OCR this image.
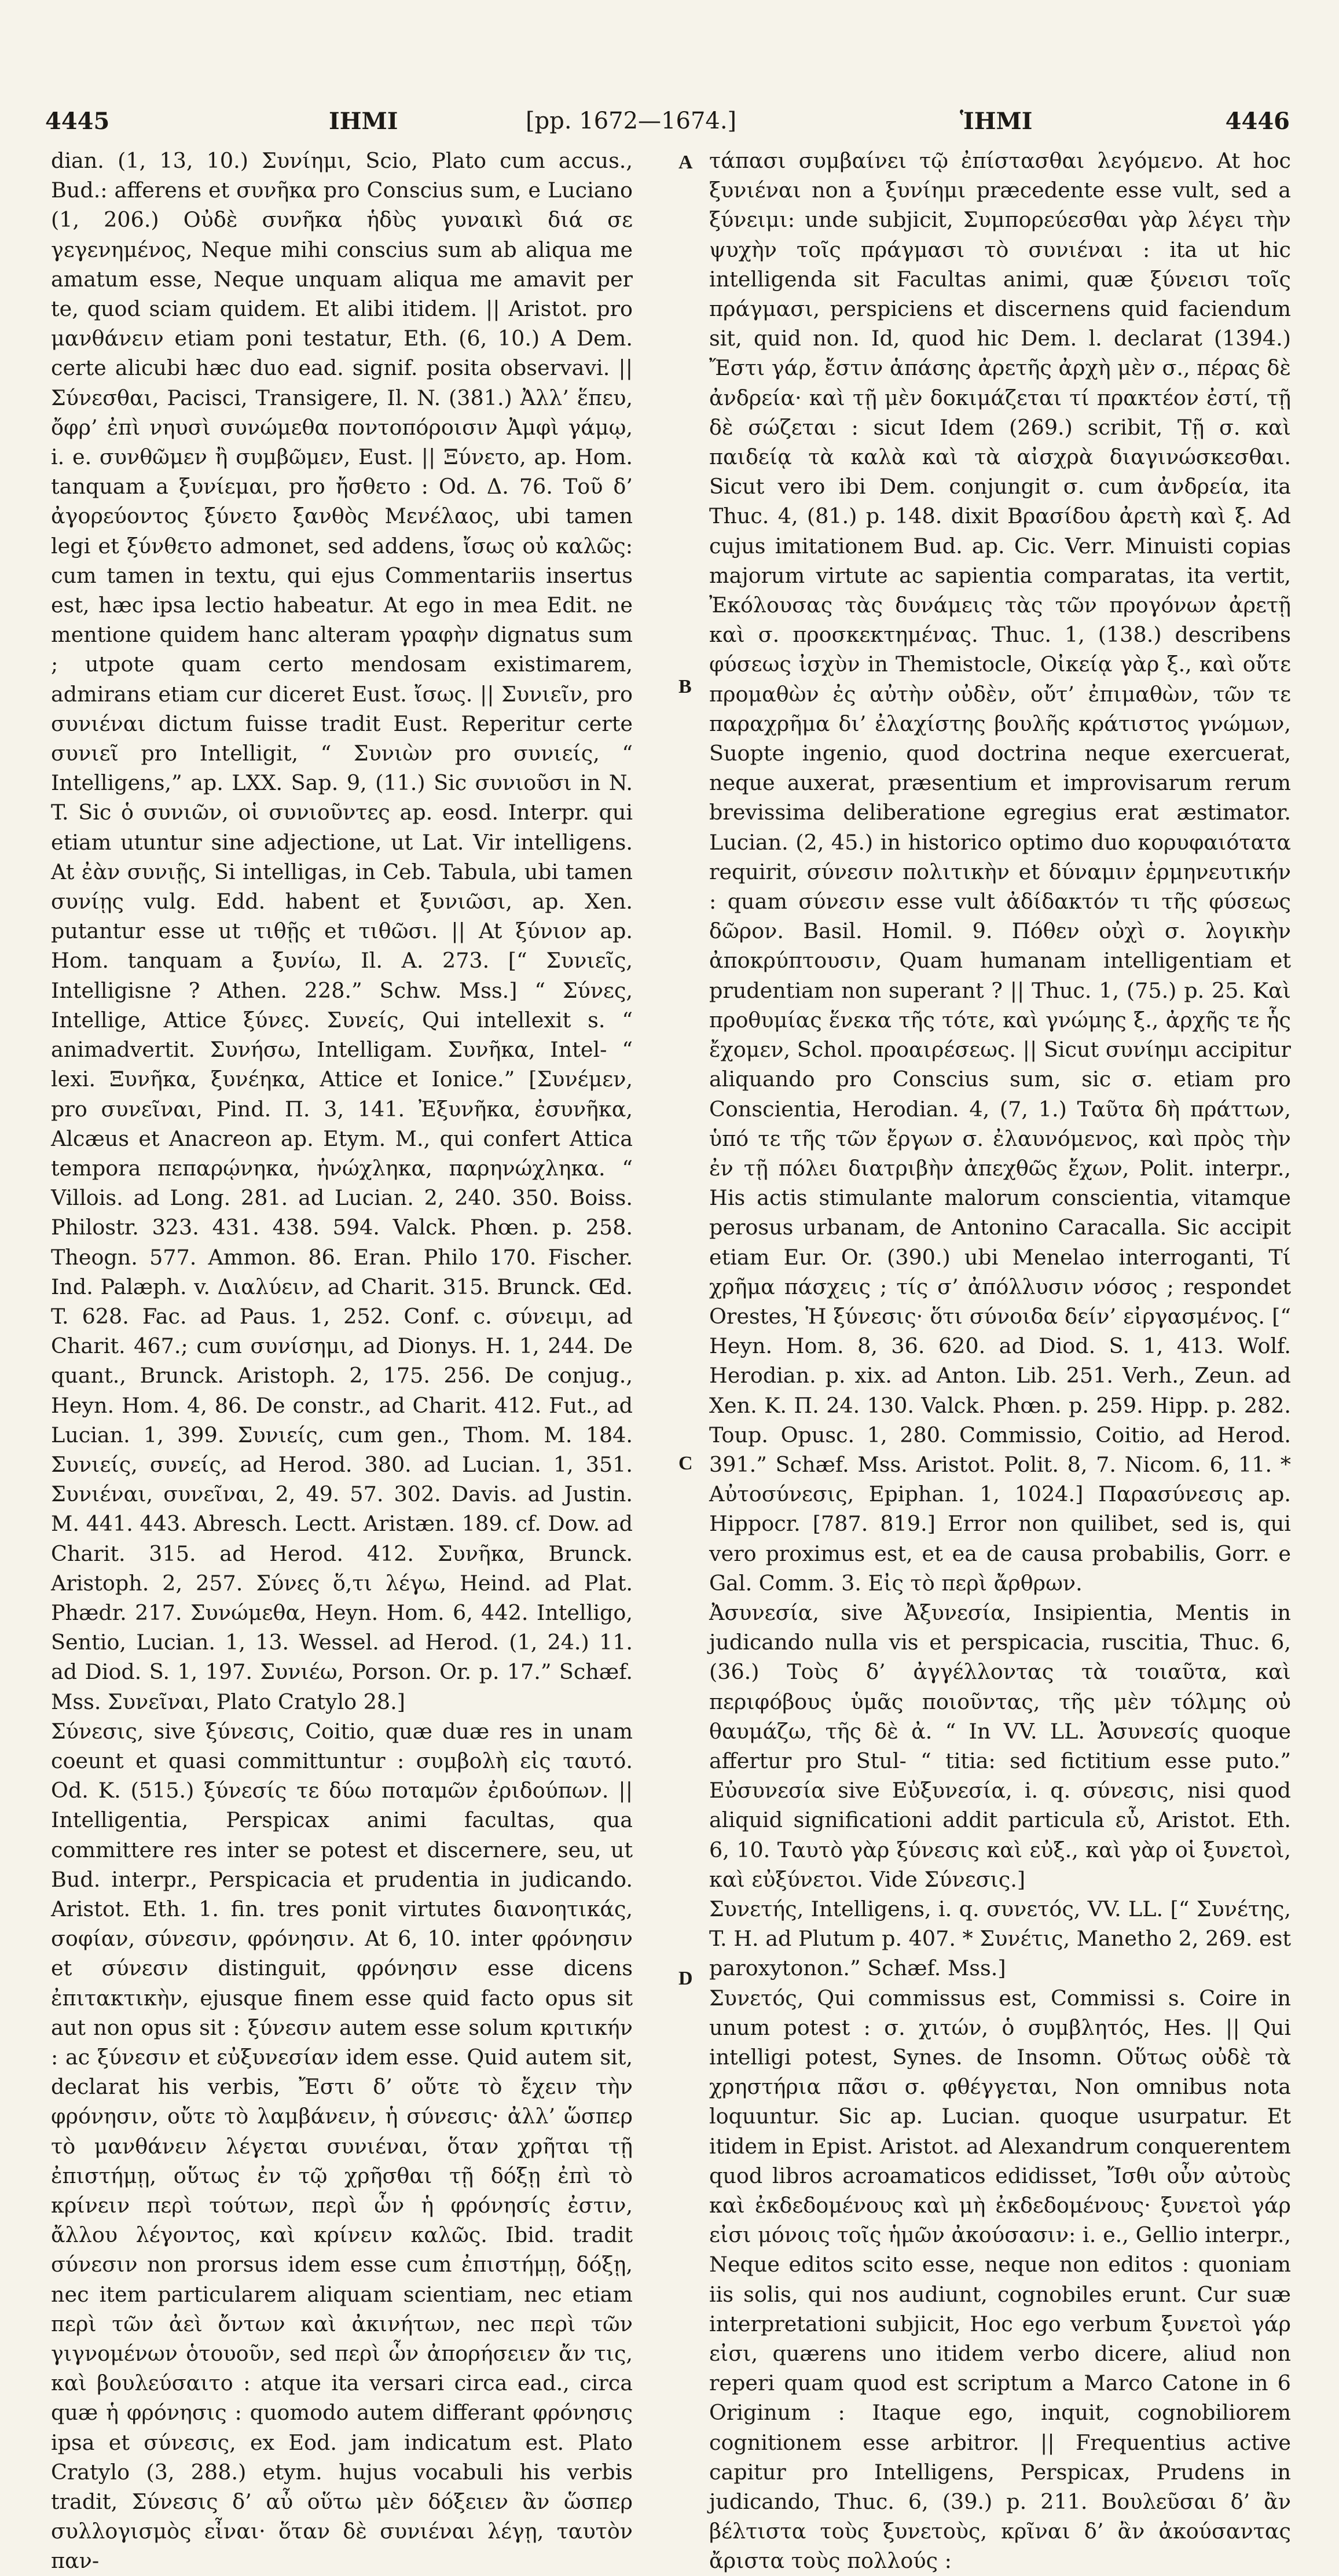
4445	ΙΗΜΙ	[pp. 1672—1674.]	ἹΗΜΙ	4446

dian. (1, 13, 10.) Συνίημι, Scio, Plato cum accus., Bud.: afferens et συνῆκα pro Conscius sum, e Luciano (1, 206.) Οὐδὲ συνῆκα ἡδὺς γυναικὶ διά σε γεγενημένος, Neque mihi conscius sum ab aliqua me amatum esse, Neque unquam aliqua me amavit per te, quod sciam quidem. Et alibi itidem. || Aristot. pro μανθάνειν etiam poni testatur, Eth. (6, 10.) A Dem. certe alicubi hæc duo ead. signif. posita observavi. || Σύνεσθαι, Pacisci, Transigere, Il. N. (381.) Ἀλλ’ ἕπευ, ὄφρ’ ἐπὶ νηυσὶ συνώμεθα ποντοπόροισιν Ἀμφὶ γάμῳ, i. e. συνθῶμεν ἢ συμβῶμεν, Eust. || Ξύνετο, ap. Hom. tanquam a ξυνίεμαι, pro ἤσθετο : Od. Δ. 76. Τοῦ δ’ ἀγορεύοντος ξύνετο ξανθὸς Μενέλαος, ubi tamen legi et ξύνθετο admonet, sed addens, ἴσως οὐ καλῶς: cum tamen in textu, qui ejus Commentariis insertus est, hæc ipsa lectio habeatur. At ego in mea Edit. ne mentione quidem hanc alteram γραφὴν dignatus sum ; utpote quam certo mendosam existimarem, admirans etiam cur diceret Eust. ἴσως. || Συνιεῖν, pro συνιέναι dictum fuisse tradit Eust. Reperitur certe συνιεῖ pro Intelligit, “ Συνιὼν pro συνιείς, “ Intelligens,” ap. LXX. Sap. 9, (11.) Sic συνιοῦσι in N. T. Sic ὁ συνιῶν, οἱ συνιοῦντες ap. eosd. Interpr. qui etiam utuntur sine adjectione, ut Lat. Vir intelligens. At ἐὰν συνιῇς, Si intelligas, in Ceb. Tabula, ubi tamen συνίῃς vulg. Edd. habent et ξυνιῶσι, ap. Xen. putantur esse ut τιθῇς et τιθῶσι. || At ξύνιον ap. Hom. tanquam a ξυνίω, Il. A. 273. [“ Συνιεῖς, Intelligisne ? Athen. 228.” Schw. Mss.] “ Σύνες, Intellige, Attice ξύνες. Συνείς, Qui intellexit s. “ animadvertit. Συνήσω, Intelligam. Συνῆκα, Intel- “ lexi. Ξυνῆκα, ξυνέηκα, Attice et Ionice.” [Συνέμεν, pro συνεῖναι, Pind. Π. 3, 141. Ἐξυνῆκα, ἐσυνῆκα, Alcæus et Anacreon ap. Etym. M., qui confert Attica tempora πεπαρῴνηκα, ἠνώχληκα, παρηνώχληκα. “ Villois. ad Long. 281. ad Lucian. 2, 240. 350. Boiss. Philostr. 323. 431. 438. 594. Valck. Phœn. p. 258. Theogn. 577. Ammon. 86. Eran. Philo 170. Fischer. Ind. Palæph. v. Διαλύειν, ad Charit. 315. Brunck. Œd. T. 628. Fac. ad Paus. 1, 252. Conf. c. σύνειμι, ad Charit. 467.; cum συνίσημι, ad Dionys. H. 1, 244. De quant., Brunck. Aristoph. 2, 175. 256. De conjug., Heyn. Hom. 4, 86. De constr., ad Charit. 412. Fut., ad Lucian. 1, 399. Συνιείς, cum gen., Thom. M. 184. Συνιείς, συνείς, ad Herod. 380. ad Lucian. 1, 351. Συνιέναι, συνεῖναι, 2, 49. 57. 302. Davis. ad Justin. M. 441. 443. Abresch. Lectt. Aristæn. 189. cf. Dow. ad Charit. 315. ad Herod. 412. Συνῆκα, Brunck. Aristoph. 2, 257. Σύνες ὅ,τι λέγω, Heind. ad Plat. Phædr. 217. Συνώμεθα, Heyn. Hom. 6, 442. Intelligo, Sentio, Lucian. 1, 13. Wessel. ad Herod. (1, 24.) 11. ad Diod. S. 1, 197. Συνιέω, Porson. Or. p. 17.” Schæf. Mss. Συνεῖναι, Plato Cratylo 28.]

Σύνεσις, sive ξύνεσις, Coitio, quæ duæ res in unam coeunt et quasi committuntur : συμβολὴ εἰς ταυτό. Od. K. (515.) ξύνεσίς τε δύω ποταμῶν ἐριδούπων. || Intelligentia, Perspicax animi facultas, qua committere res inter se potest et discernere, seu, ut Bud. interpr., Perspicacia et prudentia in judicando. Aristot. Eth. 1. fin. tres ponit virtutes διανοητικάς, σοφίαν, σύνεσιν, φρόνησιν. At 6, 10. inter φρόνησιν et σύνεσιν distinguit, φρόνησιν esse dicens ἐπιτακτικὴν, ejusque finem esse quid facto opus sit aut non opus sit : ξύνεσιν autem esse solum κριτικήν : ac ξύνεσιν et εὐξυνεσίαν idem esse. Quid autem sit, declarat his verbis, Ἔστι δ’ οὔτε τὸ ἔχειν τὴν φρόνησιν, οὔτε τὸ λαμβάνειν, ἡ σύνεσις· ἀλλ’ ὥσπερ τὸ μανθάνειν λέγεται συνιέναι, ὅταν χρῆται τῇ ἐπιστήμῃ, οὕτως ἐν τῷ χρῆσθαι τῇ δόξῃ ἐπὶ τὸ κρίνειν περὶ τούτων, περὶ ὧν ἡ φρόνησίς ἐστιν, ἄλλου λέγοντος, καὶ κρίνειν καλῶς. Ibid. tradit σύνεσιν non prorsus idem esse cum ἐπιστήμῃ, δόξῃ, nec item particularem aliquam scientiam, nec etiam περὶ τῶν ἀεὶ ὄντων καὶ ἀκινήτων, nec περὶ τῶν γιγνομένων ὁτουοῦν, sed περὶ ὧν ἀπορήσειεν ἄν τις, καὶ βουλεύσαιτο : atque ita versari circa ead., circa quæ ἡ φρόνησις : quomodo autem differant φρόνησις ipsa et σύνεσις, ex Eod. jam indicatum est. Plato Cratylo (3, 288.) etym. hujus vocabuli his verbis tradit, Σύνεσις δ’ αὖ οὕτω μὲν δόξειεν ἂν ὥσπερ συλλογισμὸς εἶναι· ὅταν δὲ συνιέναι λέγῃ, ταυτὸν παν-

A
B
C
D

τάπασι συμβαίνει τῷ ἐπίστασθαι λεγόμενο. At hoc ξυνιέναι non a ξυνίημι præcedente esse vult, sed a ξύνειμι: unde subjicit, Συμπορεύεσθαι γὰρ λέγει τὴν ψυχὴν τοῖς πράγμασι τὸ συνιέναι : ita ut hic intelligenda sit Facultas animi, quæ ξύνεισι τοῖς πράγμασι, perspiciens et discernens quid faciendum sit, quid non. Id, quod hic Dem. l. declarat (1394.) Ἔστι γάρ, ἔστιν ἁπάσης ἀρετῆς ἀρχὴ μὲν σ., πέρας δὲ ἀνδρεία· καὶ τῇ μὲν δοκιμάζεται τί πρακτέον ἐστί, τῇ δὲ σώζεται : sicut Idem (269.) scribit, Τῇ σ. καὶ παιδείᾳ τὰ καλὰ καὶ τὰ αἰσχρὰ διαγινώσκεσθαι. Sicut vero ibi Dem. conjungit σ. cum ἀνδρεία, ita Thuc. 4, (81.) p. 148. dixit Βρασίδου ἀρετὴ καὶ ξ. Ad cujus imitationem Bud. ap. Cic. Verr. Minuisti copias majorum virtute ac sapientia comparatas, ita vertit, Ἐκόλουσας τὰς δυνάμεις τὰς τῶν προγόνων ἀρετῇ καὶ σ. προσκεκτημένας. Thuc. 1, (138.) describens φύσεως ἰσχὺν in Themistocle, Οἰκείᾳ γὰρ ξ., καὶ οὔτε προμαθὼν ἐς αὐτὴν οὐδὲν, οὔτ’ ἐπιμαθὼν, τῶν τε παραχρῆμα δι’ ἐλαχίστης βουλῆς κράτιστος γνώμων, Suopte ingenio, quod doctrina neque exercuerat, neque auxerat, præsentium et improvisarum rerum brevissima deliberatione egregius erat æstimator. Lucian. (2, 45.) in historico optimo duo κορυφαιότατα requirit, σύνεσιν πολιτικὴν et δύναμιν ἑρμηνευτικήν : quam σύνεσιν esse vult ἀδίδακτόν τι τῆς φύσεως δῶρον. Basil. Homil. 9. Πόθεν οὐχὶ σ. λογικὴν ἀποκρύπτουσιν, Quam humanam intelligentiam et prudentiam non superant ? || Thuc. 1, (75.) p. 25. Καὶ προθυμίας ἕνεκα τῆς τότε, καὶ γνώμης ξ., ἀρχῆς τε ἧς ἔχομεν, Schol. προαιρέσεως. || Sicut συνίημι accipitur aliquando pro Conscius sum, sic σ. etiam pro Conscientia, Herodian. 4, (7, 1.) Ταῦτα δὴ πράττων, ὑπό τε τῆς τῶν ἔργων σ. ἐλαυνόμενος, καὶ πρὸς τὴν ἐν τῇ πόλει διατριβὴν ἀπεχθῶς ἔχων, Polit. interpr., His actis stimulante malorum conscientia, vitamque perosus urbanam, de Antonino Caracalla. Sic accipit etiam Eur. Or. (390.) ubi Menelao interroganti, Τί χρῆμα πάσχεις ; τίς σ’ ἀπόλλυσιν νόσος ; respondet Orestes, Ἡ ξύνεσις· ὅτι σύνοιδα δείν’ εἰργασμένος. [“ Heyn. Hom. 8, 36. 620. ad Diod. S. 1, 413. Wolf. Herodian. p. xix. ad Anton. Lib. 251. Verh., Zeun. ad Xen. K. Π. 24. 130. Valck. Phœn. p. 259. Hipp. p. 282. Toup. Opusc. 1, 280. Commissio, Coitio, ad Herod. 391.” Schæf. Mss. Aristot. Polit. 8, 7. Nicom. 6, 11. * Αὐτοσύνεσις, Epiphan. 1, 1024.] Παρασύνεσις ap. Hippocr. [787. 819.] Error non quilibet, sed is, qui vero proximus est, et ea de causa probabilis, Gorr. e Gal. Comm. 3. Εἰς τὸ περὶ ἄρθρων.

Ἀσυνεσία, sive Ἀξυνεσία, Insipientia, Mentis in judicando nulla vis et perspicacia, ruscitia, Thuc. 6, (36.) Τοὺς δ’ ἀγγέλλοντας τὰ τοιαῦτα, καὶ περιφόβους ὑμᾶς ποιοῦντας, τῆς μὲν τόλμης οὐ θαυμάζω, τῆς δὲ ἀ. “ In VV. LL. Ἀσυνεσίς quoque affertur pro Stul- “ titia: sed fictitium esse puto.” Εὐσυνεσία sive Εὐξυνεσία, i. q. σύνεσις, nisi quod aliquid significationi addit particula εὖ, Aristot. Eth. 6, 10. Ταυτὸ γὰρ ξύνεσις καὶ εὐξ., καὶ γὰρ οἱ ξυνετοὶ, καὶ εὐξύνετοι. Vide Σύνεσις.]

Συνετής, Intelligens, i. q. συνετός, VV. LL. [“ Συνέτης, T. H. ad Plutum p. 407. * Συνέτις, Manetho 2, 269. est paroxytonon.” Schæf. Mss.]

Συνετός, Qui commissus est, Commissi s. Coire in unum potest : σ. χιτών, ὁ συμβλητός, Hes. || Qui intelligi potest, Synes. de Insomn. Οὕτως οὐδὲ τὰ χρηστήρια πᾶσι σ. φθέγγεται, Non omnibus nota loquuntur. Sic ap. Lucian. quoque usurpatur. Et itidem in Epist. Aristot. ad Alexandrum conquerentem quod libros acroamaticos edidisset, Ἴσθι οὖν αὐτοὺς καὶ ἐκδεδομένους καὶ μὴ ἐκδεδομένους· ξυνετοὶ γάρ εἰσι μόνοις τοῖς ἡμῶν ἀκούσασιν: i. e., Gellio interpr., Neque editos scito esse, neque non editos : quoniam iis solis, qui nos audiunt, cognobiles erunt. Cur suæ interpretationi subjicit, Hoc ego verbum ξυνετοὶ γάρ εἰσι, quærens uno itidem verbo dicere, aliud non reperi quam quod est scriptum a Marco Catone in 6 Originum : Itaque ego, inquit, cognobiliorem cognitionem esse arbitror. || Frequentius active capitur pro Intelligens, Perspicax, Prudens in judicando, Thuc. 6, (39.) p. 211. Βουλεῦσαι δ’ ἂν βέλτιστα τοὺς ξυνετοὺς, κρῖναι δ’ ἂν ἀκούσαντας ἄριστα τοὺς πολλούς :
